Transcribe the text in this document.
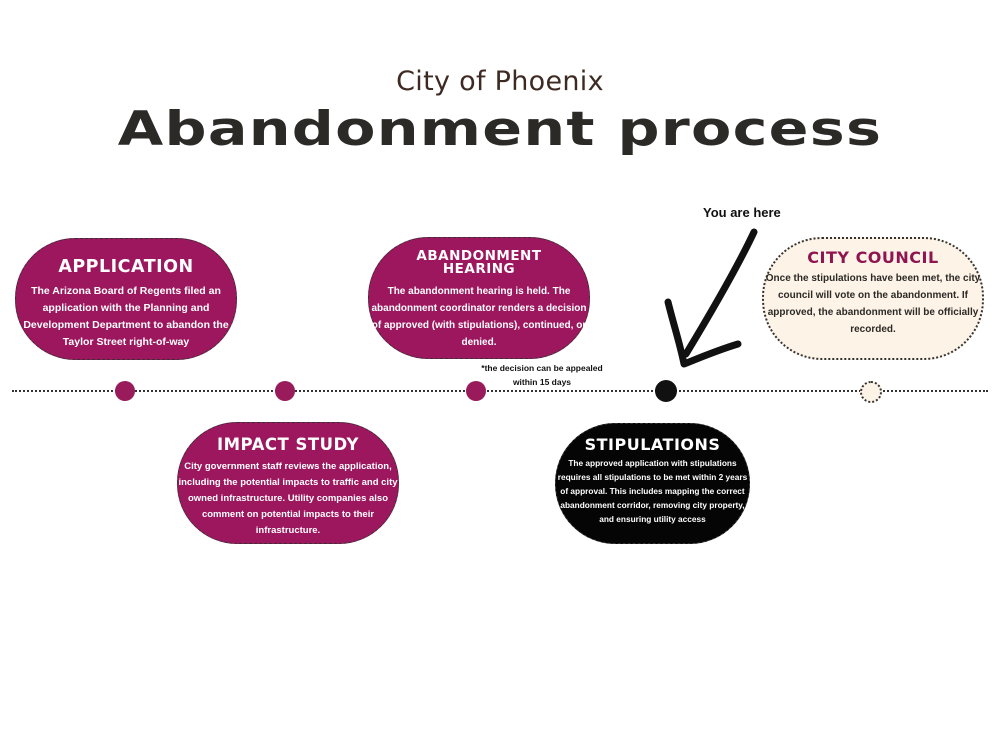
City of Phoenix
Abandonment process
APPLICATION

The Arizona Board of Regents filed an application with the Planning and Development Department to abandon the Taylor Street right-of-way

ABANDONMENT
HEARING

The abandonment hearing is held. The abandonment coordinator renders a decision of approved (with stipulations), continued, or denied.

CITY COUNCIL

Once the stipulations have been met, the city council will vote on the abandonment. If approved, the abandonment will be officially recorded.

IMPACT STUDY

City government staff reviews the application, including the potential impacts to traffic and city owned infrastructure. Utility companies also comment on potential impacts to their infrastructure.

STIPULATIONS

The approved application with stipulations requires all stipulations to be met within 2 years of approval. This includes mapping the correct abandonment corridor, removing city property, and ensuring utility access

*the decision can be appealed within 15 days
You are here
